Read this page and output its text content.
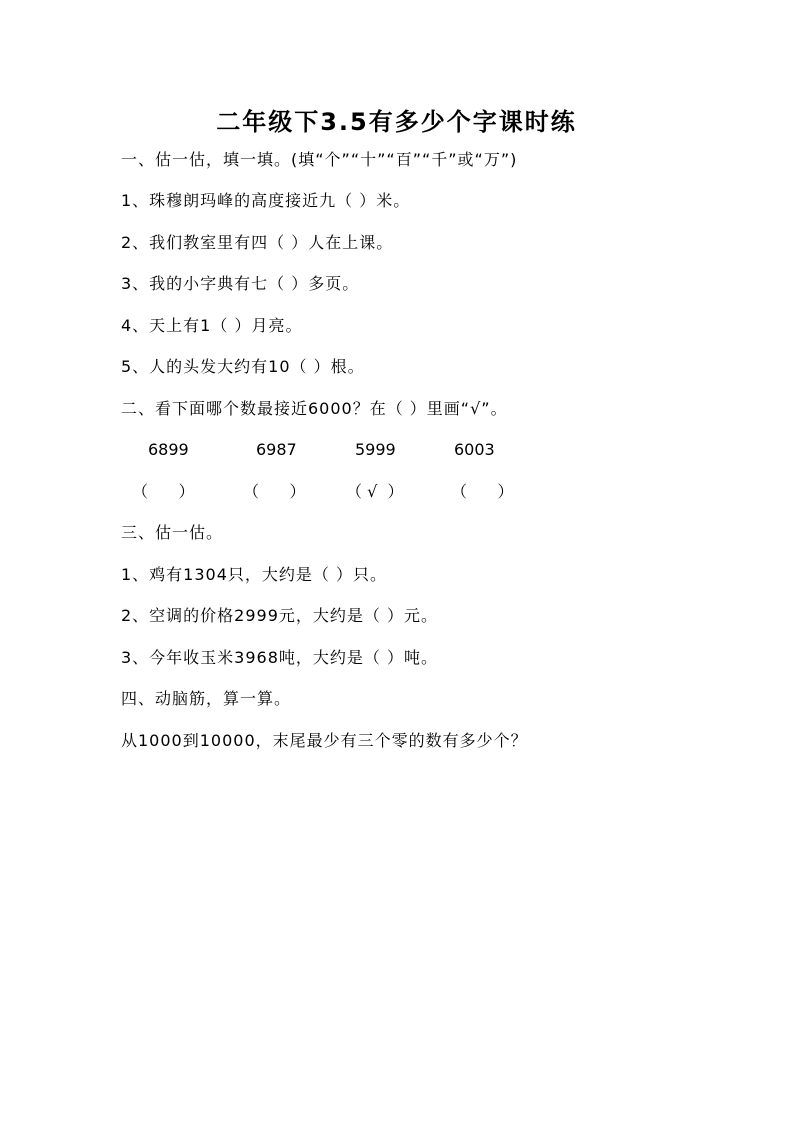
二年级下3.5有多少个字课时练
一、估一估，填一填。(填“个”“十”“百”“千”或“万”)
1、珠穆朗玛峰的高度接近九（ ）米。
2、我们教室里有四（ ）人在上课。
3、我的小字典有七（ ）多页。
4、天上有1（ ）月亮。
5、人的头发大约有10（ ）根。
二、看下面哪个数最接近6000？在（ ）里画“√”。
6899	6987	5999	6003
（      ）	（      ）	（ √  ）	（      ）
三、估一估。
1、鸡有1304只，大约是（ ）只。
2、空调的价格2999元，大约是（ ）元。
3、今年收玉米3968吨，大约是（ ）吨。
四、动脑筋，算一算。
从1000到10000，末尾最少有三个零的数有多少个？
